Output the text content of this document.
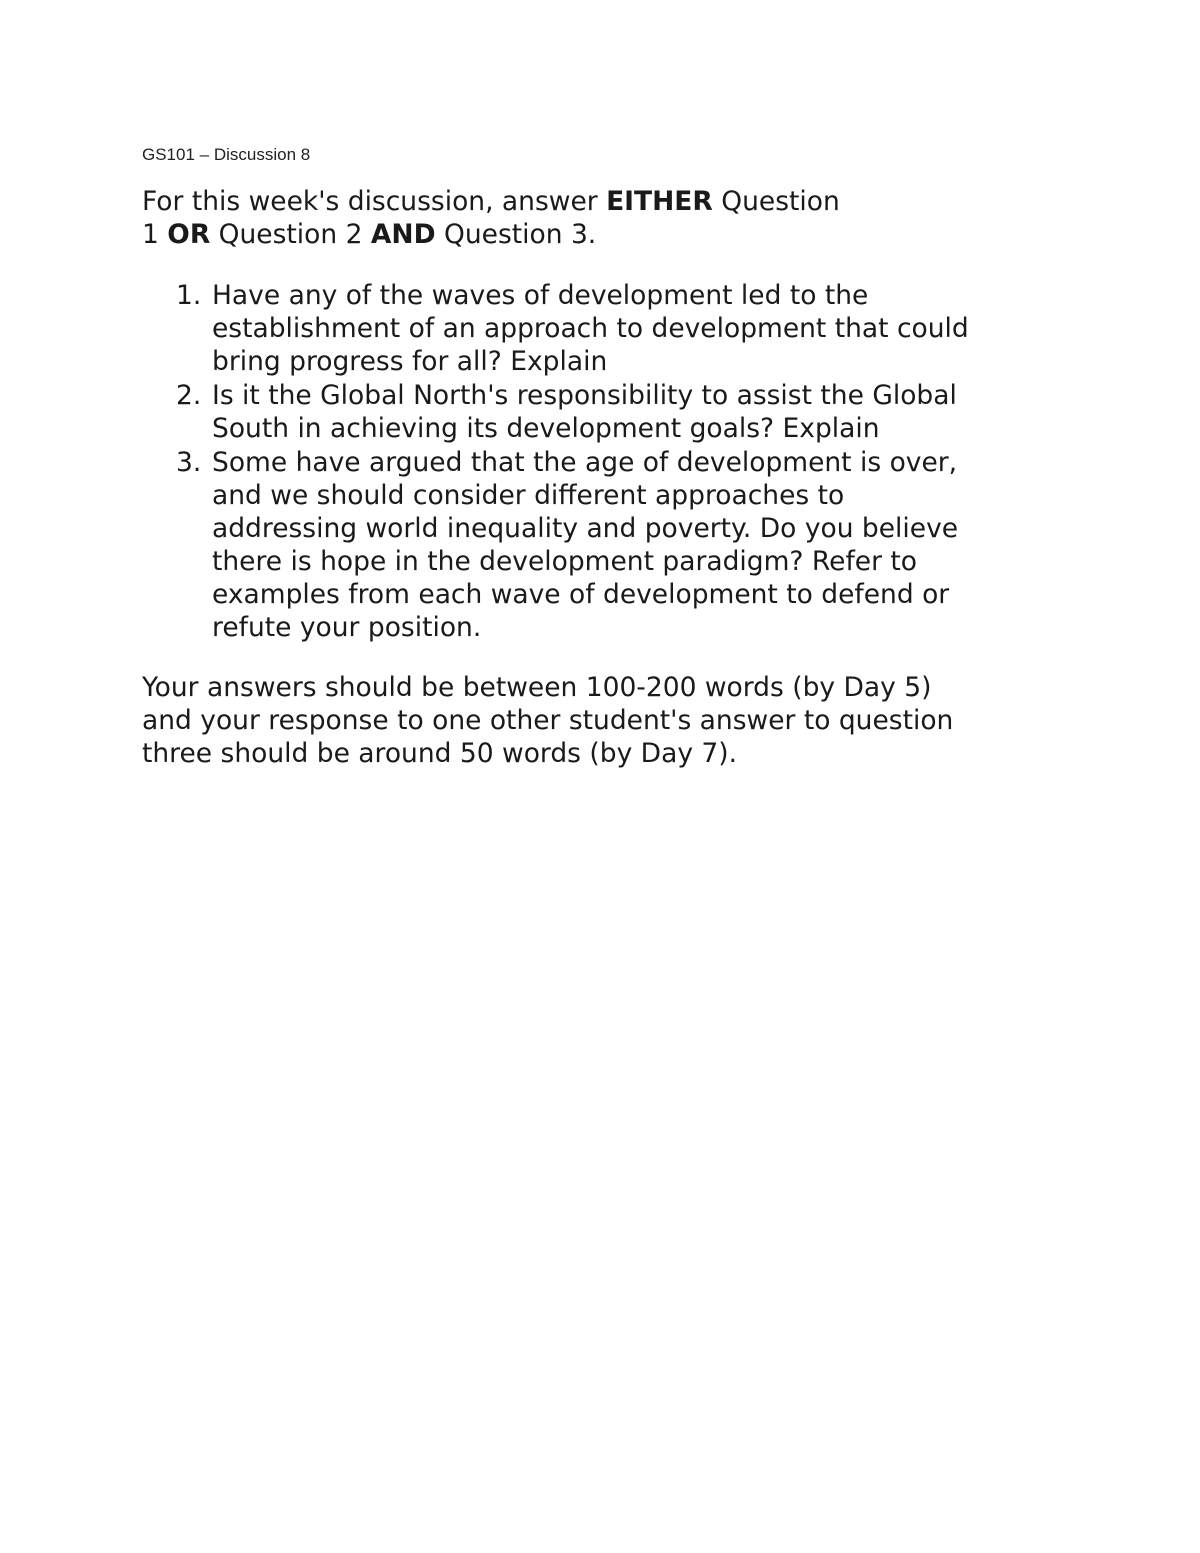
GS101 – Discussion 8

For this week's discussion, answer EITHER Question
1 OR Question 2 AND Question 3.

1. Have any of the waves of development led to the
establishment of an approach to development that could
bring progress for all? Explain
2. Is it the Global North's responsibility to assist the Global
South in achieving its development goals? Explain
3. Some have argued that the age of development is over,
and we should consider different approaches to
addressing world inequality and poverty. Do you believe
there is hope in the development paradigm? Refer to
examples from each wave of development to defend or
refute your position.

Your answers should be between 100-200 words (by Day 5)
and your response to one other student's answer to question
three should be around 50 words (by Day 7).
